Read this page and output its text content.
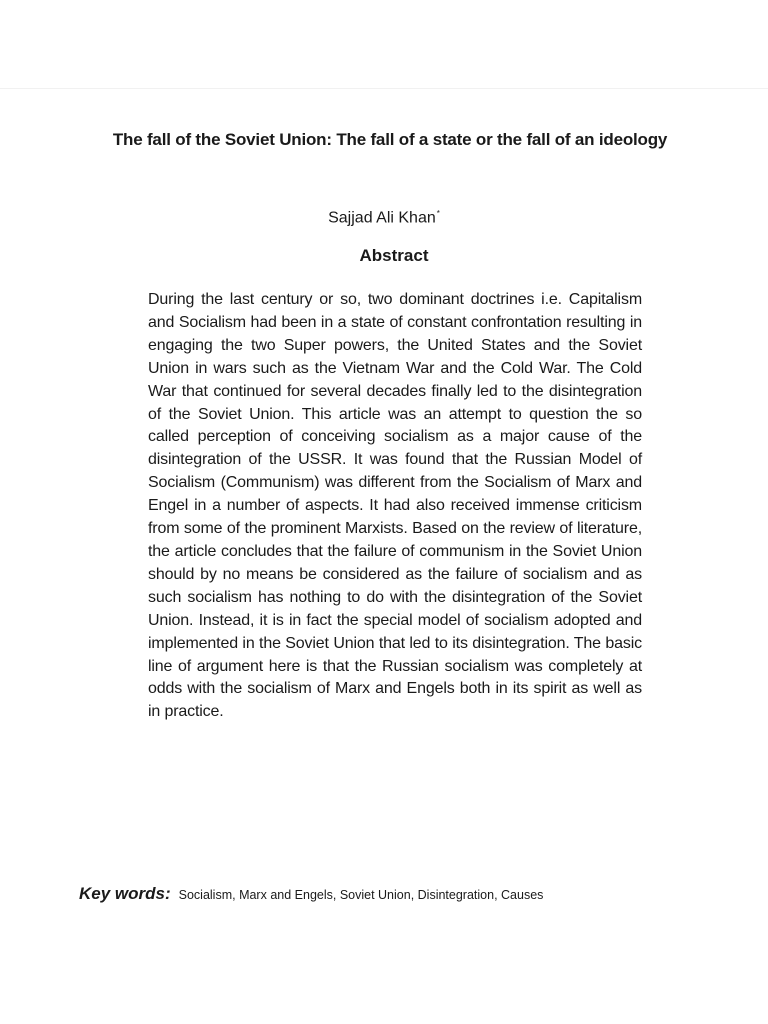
The fall of the Soviet Union: The fall of a state or the fall of an ideology
Sajjad Ali Khan*
Abstract
During the last century or so, two dominant doctrines i.e. Capitalism and Socialism had been in a state of constant confrontation resulting in engaging the two Super powers, the United States and the Soviet Union in wars such as the Vietnam War and the Cold War. The Cold War that continued for several decades finally led to the disintegration of the Soviet Union. This article was an attempt to question the so called perception of conceiving socialism as a major cause of the disintegration of the USSR. It was found that the Russian Model of Socialism (Communism) was different from the Socialism of Marx and Engel in a number of aspects. It had also received immense criticism from some of the prominent Marxists. Based on the review of literature, the article concludes that the failure of communism in the Soviet Union should by no means be considered as the failure of socialism and as such socialism has nothing to do with the disintegration of the Soviet Union. Instead, it is in fact the special model of socialism adopted and implemented in the Soviet Union that led to its disintegration. The basic line of argument here is that the Russian socialism was completely at odds with the socialism of Marx and Engels both in its spirit as well as in practice.
Key words: Socialism, Marx and Engels, Soviet Union, Disintegration, Causes
